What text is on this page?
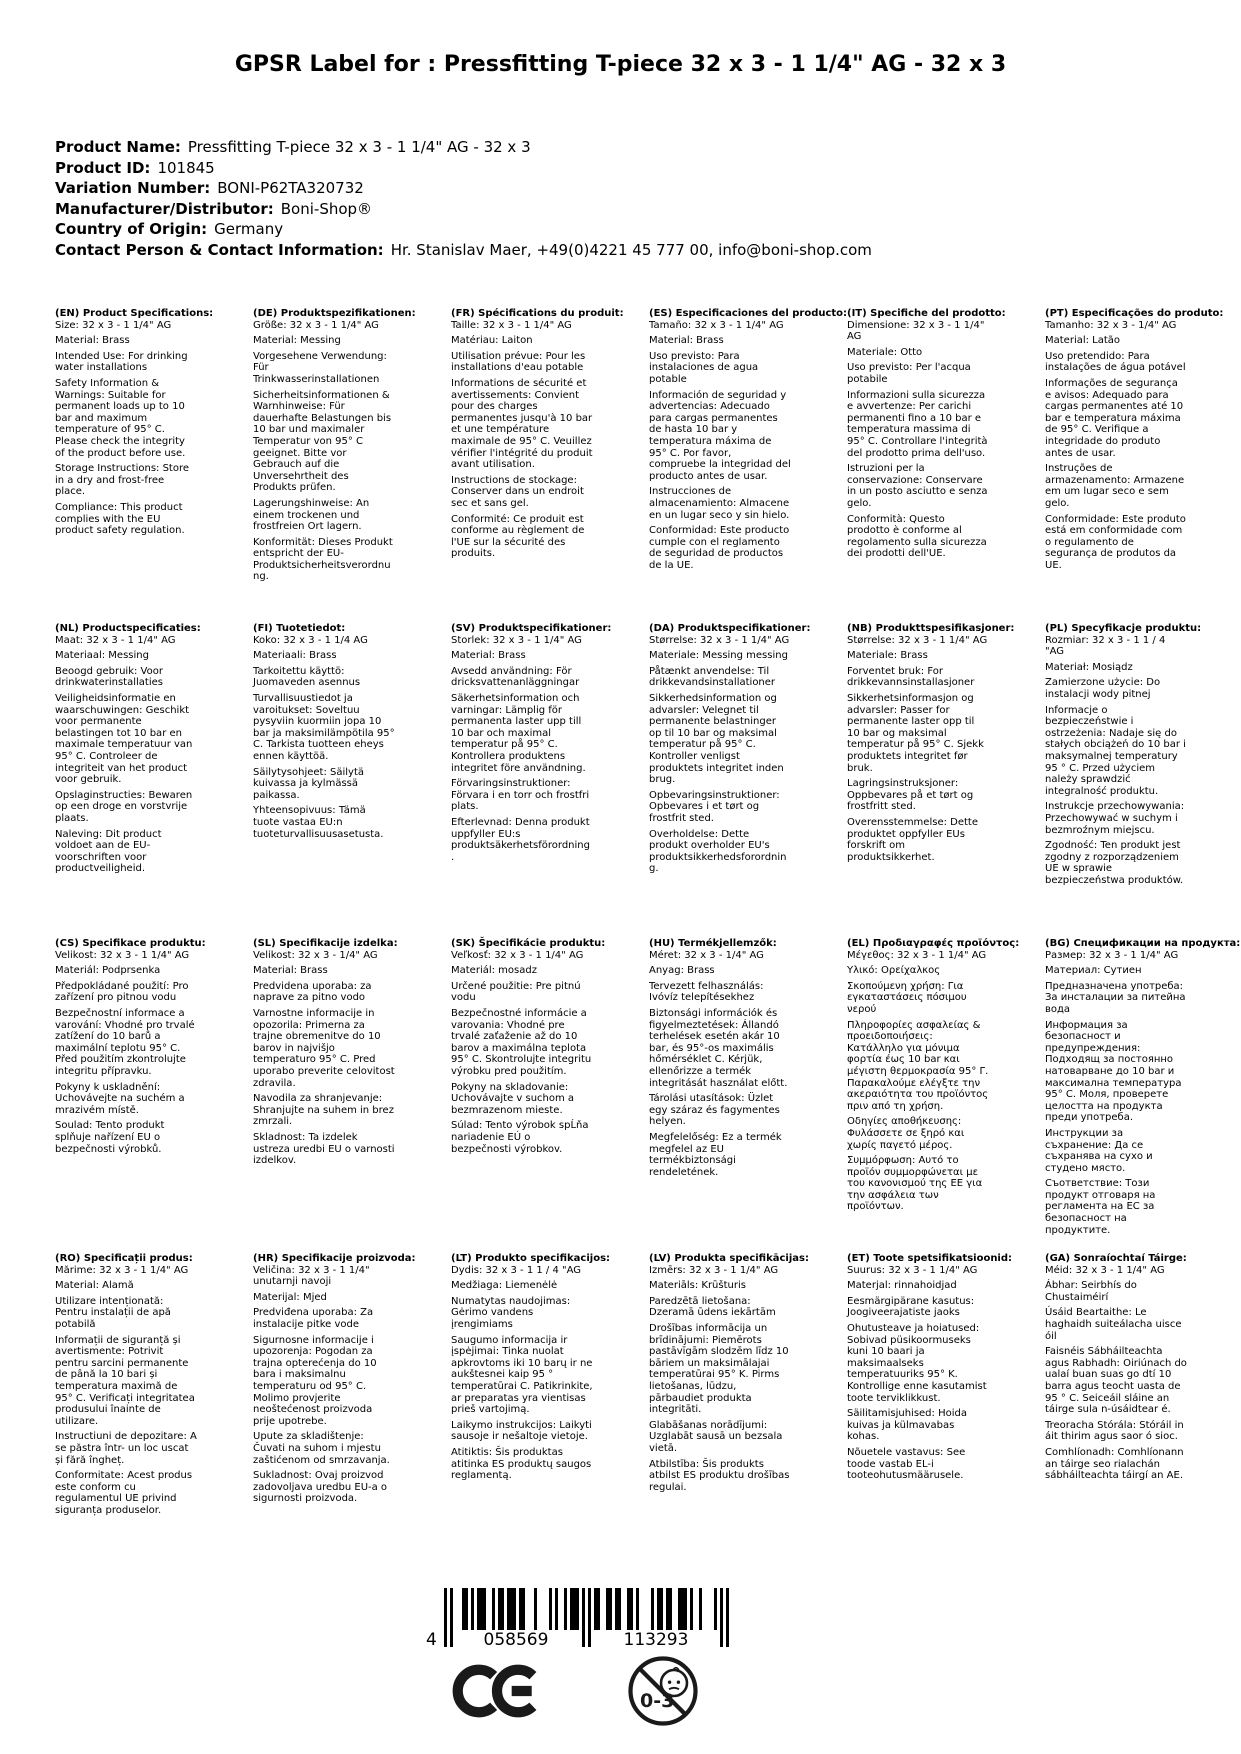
GPSR Label for : Pressfitting T-piece 32 x 3 - 1 1/4" AG - 32 x 3
Product Name: Pressfitting T-piece 32 x 3 - 1 1/4" AG - 32 x 3
Product ID: 101845
Variation Number: BONI-P62TA320732
Manufacturer/Distributor: Boni-Shop®
Country of Origin: Germany
Contact Person & Contact Information: Hr. Stanislav Maer, +49(0)4221 45 777 00, info@boni-shop.com
(EN) Product Specifications:

Size: 32 x 3 - 1 1/4" AG

Material: Brass

Intended Use: For drinking water installations

Safety Information & Warnings: Suitable for permanent loads up to 10 bar and maximum temperature of 95° C. Please check the integrity of the product before use.

Storage Instructions: Store in a dry and frost-free place.

Compliance: This product complies with the EU product safety regulation.

(DE) Produktspezifikationen:

Größe: 32 x 3 - 1 1/4" AG

Material: Messing

Vorgesehene Verwendung: Für Trinkwasserinstallationen

Sicherheitsinformationen & Warnhinweise: Für dauerhafte Belastungen bis 10 bar und maximaler Temperatur von 95° C geeignet. Bitte vor Gebrauch auf die Unversehrtheit des Produkts prüfen.

Lagerungshinweise: An einem trockenen und frostfreien Ort lagern.

Konformität: Dieses Produkt entspricht der EU-Produktsicherheitsverordnung.

(FR) Spécifications du produit:

Taille: 32 x 3 - 1 1/4" AG

Matériau: Laiton

Utilisation prévue: Pour les installations d'eau potable

Informations de sécurité et avertissements: Convient pour des charges permanentes jusqu'à 10 bar et une température maximale de 95° C. Veuillez vérifier l'intégrité du produit avant utilisation.

Instructions de stockage: Conserver dans un endroit sec et sans gel.

Conformité: Ce produit est conforme au règlement de l'UE sur la sécurité des produits.

(ES) Especificaciones del producto:

Tamaño: 32 x 3 - 1 1/4" AG

Material: Brass

Uso previsto: Para instalaciones de agua potable

Información de seguridad y advertencias: Adecuado para cargas permanentes de hasta 10 bar y temperatura máxima de 95° C. Por favor, compruebe la integridad del producto antes de usar.

Instrucciones de almacenamiento: Almacene en un lugar seco y sin hielo.

Conformidad: Este producto cumple con el reglamento de seguridad de productos de la UE.

(IT) Specifiche del prodotto:

Dimensione: 32 x 3 - 1 1/4" AG

Materiale: Otto

Uso previsto: Per l'acqua potabile

Informazioni sulla sicurezza e avvertenze: Per carichi permanenti fino a 10 bar e temperatura massima di 95° C. Controllare l'integrità del prodotto prima dell'uso.

Istruzioni per la conservazione: Conservare in un posto asciutto e senza gelo.

Conformità: Questo prodotto è conforme al regolamento sulla sicurezza dei prodotti dell'UE.

(PT) Especificações do produto:

Tamanho: 32 x 3 - 1/4" AG

Material: Latão

Uso pretendido: Para instalações de água potável

Informações de segurança e avisos: Adequado para cargas permanentes até 10 bar e temperatura máxima de 95° C. Verifique a integridade do produto antes de usar.

Instruções de armazenamento: Armazene em um lugar seco e sem gelo.

Conformidade: Este produto está em conformidade com o regulamento de segurança de produtos da UE.

(NL) Productspecificaties:

Maat: 32 x 3 - 1 1/4" AG

Materiaal: Messing

Beoogd gebruik: Voor drinkwaterinstallaties

Veiligheidsinformatie en waarschuwingen: Geschikt voor permanente belastingen tot 10 bar en maximale temperatuur van 95° C. Controleer de integriteit van het product voor gebruik.

Opslaginstructies: Bewaren op een droge en vorstvrije plaats.

Naleving: Dit product voldoet aan de EU-voorschriften voor productveiligheid.

(FI) Tuotetiedot:

Koko: 32 x 3 - 1 1/4 AG

Materiaali: Brass

Tarkoitettu käyttö: Juomaveden asennus

Turvallisuustiedot ja varoitukset: Soveltuu pysyviin kuormiin jopa 10 bar ja maksimilämpötila 95° C. Tarkista tuotteen eheys ennen käyttöä.

Säilytysohjeet: Säilytä kuivassa ja kylmässä paikassa.

Yhteensopivuus: Tämä tuote vastaa EU:n tuoteturvallisuusasetusta.

(SV) Produktspecifikationer:

Storlek: 32 x 3 - 1 1/4" AG

Material: Brass

Avsedd användning: För dricksvattenanläggningar

Säkerhetsinformation och varningar: Lämplig för permanenta laster upp till 10 bar och maximal temperatur på 95° C. Kontrollera produktens integritet före användning.

Förvaringsinstruktioner: Förvara i en torr och frostfri plats.

Efterlevnad: Denna produkt uppfyller EU:s produktsäkerhetsförordning.

(DA) Produktspecifikationer:

Størrelse: 32 x 3 - 1 1/4" AG

Materiale: Messing messing

Påtænkt anvendelse: Til drikkevandsinstallationer

Sikkerhedsinformation og advarsler: Velegnet til permanente belastninger op til 10 bar og maksimal temperatur på 95° C. Kontroller venligst produktets integritet inden brug.

Opbevaringsinstruktioner: Opbevares i et tørt og frostfrit sted.

Overholdelse: Dette produkt overholder EU's produktsikkerhedsforordning.

(NB) Produkttspesifikasjoner:

Størrelse: 32 x 3 - 1 1/4" AG

Materiale: Brass

Forventet bruk: For drikkevannsinstallasjoner

Sikkerhetsinformasjon og advarsler: Passer for permanente laster opp til 10 bar og maksimal temperatur på 95° C. Sjekk produktets integritet før bruk.

Lagringsinstruksjoner: Oppbevares på et tørt og frostfritt sted.

Overensstemmelse: Dette produktet oppfyller EUs forskrift om produktsikkerhet.

(PL) Specyfikacje produktu:

Rozmiar: 32 x 3 - 1 1 / 4 "AG

Materiał: Mosiądz

Zamierzone użycie: Do instalacji wody pitnej

Informacje o bezpieczeństwie i ostrzeżenia: Nadaje się do stałych obciążeń do 10 bar i maksymalnej temperatury 95 ° C. Przed użyciem należy sprawdzić integralność produktu.

Instrukcje przechowywania: Przechowywać w suchym i bezmroźnym miejscu.

Zgodność: Ten produkt jest zgodny z rozporządzeniem UE w sprawie bezpieczeństwa produktów.

(CS) Specifikace produktu:

Velikost: 32 x 3 - 1 1/4" AG

Materiál: Podprsenka

Předpokládané použití: Pro zařízení pro pitnou vodu

Bezpečnostní informace a varování: Vhodné pro trvalé zatížení do 10 barů a maximální teplotu 95° C. Před použitím zkontrolujte integritu přípravku.

Pokyny k uskladnění: Uchovávejte na suchém a mrazivém místě.

Soulad: Tento produkt splňuje nařízení EU o bezpečnosti výrobků.

(SL) Specifikacije izdelka:

Velikost: 32 x 3 - 1/4" AG

Material: Brass

Predvidena uporaba: za naprave za pitno vodo

Varnostne informacije in opozorila: Primerna za trajne obremenitve do 10 barov in najvišjo temperaturo 95° C. Pred uporabo preverite celovitost zdravila.

Navodila za shranjevanje: Shranjujte na suhem in brez zmrzali.

Skladnost: Ta izdelek ustreza uredbi EU o varnosti izdelkov.

(SK) Špecifikácie produktu:

Veľkosť: 32 x 3 - 1 1/4" AG

Materiál: mosadz

Určené použitie: Pre pitnú vodu

Bezpečnostné informácie a varovania: Vhodné pre trvalé zaťaženie až do 10 barov a maximálna teplota 95° C. Skontrolujte integritu výrobku pred použitím.

Pokyny na skladovanie: Uchovávajte v suchom a bezmrazenom mieste.

Súlad: Tento výrobok spĹňa nariadenie EÚ o bezpečnosti výrobkov.

(HU) Termékjellemzők:

Méret: 32 x 3 - 1/4" AG

Anyag: Brass

Tervezett felhasználás: Ivóvíz telepítésekhez

Biztonsági információk és figyelmeztetések: Állandó terhelések esetén akár 10 bar, és 95°-os maximális hőmérséklet C. Kérjük, ellenőrizze a termék integritását használat előtt.

Tárolási utasítások: Üzlet egy száraz és fagymentes helyen.

Megfelelőség: Ez a termék megfelel az EU termékbiztonsági rendeletének.

(EL) Προδιαγραφές προϊόντος:

Μέγεθος: 32 x 3 - 1 1/4" AG

Υλικό: Ορείχαλκος

Σκοπούμενη χρήση: Για εγκαταστάσεις πόσιμου νερού

Πληροφορίες ασφαλείας & προειδοποιήσεις: Κατάλληλο για μόνιμα φορτία έως 10 bar και μέγιστη θερμοκρασία 95° Γ. Παρακαλούμε ελέγξτε την ακεραιότητα του προϊόντος πριν από τη χρήση.

Οδηγίες αποθήκευσης: Φυλάσσετε σε ξηρό και χωρίς παγετό μέρος.

Συμμόρφωση: Αυτό το προϊόν συμμορφώνεται με του κανονισμού της ΕΕ για την ασφάλεια των προϊόντων.

(BG) Спецификации на продукта:

Размер: 32 x 3 - 1 1/4" AG

Материал: Сутиен

Предназначена употреба: За инсталации за питейна вода

Информация за безопасност и предупреждения: Подходящ за постоянно натоварване до 10 bar и максимална температура 95° C. Моля, проверете целостта на продукта преди употреба.

Инструкции за съхранение: Да се съхранява на сухо и студено място.

Съответствие: Този продукт отговаря на регламента на ЕС за безопасност на продуктите.

(RO) Specificații produs:

Mărime: 32 x 3 - 1 1/4" AG

Material: Alamă

Utilizare intenționată: Pentru instalații de apă potabilă

Informații de siguranță și avertismente: Potrivit pentru sarcini permanente de până la 10 bari și temperatura maximă de 95° C. Verificați integritatea produsului înainte de utilizare.

Instructiuni de depozitare: A se păstra într- un loc uscat și fără îngheț.

Conformitate: Acest produs este conform cu regulamentul UE privind siguranța produselor.

(HR) Specifikacije proizvoda:

Veličina: 32 x 3 - 1 1/4" unutarnji navoji

Materijal: Mjed

Predviđena uporaba: Za instalacije pitke vode

Sigurnosne informacije i upozorenja: Pogodan za trajna opterećenja do 10 bara i maksimalnu temperaturu od 95° C. Molimo provjerite neoštećenost proizvoda prije upotrebe.

Upute za skladištenje: Čuvati na suhom i mjestu zaštićenom od smrzavanja.

Sukladnost: Ovaj proizvod zadovoljava uredbu EU-a o sigurnosti proizvoda.

(LT) Produkto specifikacijos:

Dydis: 32 x 3 - 1 1 / 4 "AG

Medžiaga: Liemenėlė

Numatytas naudojimas: Gėrimo vandens įrengimiams

Saugumo informacija ir įspėjimai: Tinka nuolat apkrovtoms iki 10 barų ir ne aukštesnei kaip 95 ° temperatūrai C. Patikrinkite, ar preparatas yra vientisas prieš vartojimą.

Laikymo instrukcijos: Laikyti sausoje ir nešaltoje vietoje.

Atitiktis: Šis produktas atitinka ES produktų saugos reglamentą.

(LV) Produkta specifikācijas:

Izmērs: 32 x 3 - 1 1/4" AG

Materiāls: Krūšturis

Paredzētā lietošana: Dzeramā ūdens iekārtām

Drošības informācija un brīdinājumi: Piemērots pastāvīgām slodzēm līdz 10 bāriem un maksimālajai temperatūrai 95° K. Pirms lietošanas, lūdzu, pārbaudiet produkta integritāti.

Glabāšanas norādījumi: Uzglabāt sausā un bezsala vietā.

Atbilstība: Šis produkts atbilst ES produktu drošības regulai.

(ET) Toote spetsifikatsioonid:

Suurus: 32 x 3 - 1 1/4" AG

Materjal: rinnahoidjad

Eesmärgipärane kasutus: Joogiveerajatiste jaoks

Ohutusteave ja hoiatused: Sobivad püsikoormuseks kuni 10 baari ja maksimaalseks temperatuuriks 95° K. Kontrollige enne kasutamist toote terviklikkust.

Säilitamisjuhised: Hoida kuivas ja külmavabas kohas.

Nõuetele vastavus: See toode vastab EL-i tooteohutusmäärusele.

(GA) Sonraíochtaí Táirge:

Méid: 32 x 3 - 1 1/4" AG

Ábhar: Seirbhís do Chustaiméirí

Úsáid Beartaithe: Le haghaidh suiteálacha uisce óil

Faisnéis Sábháilteachta agus Rabhadh: Oiriúnach do ualaí buan suas go dtí 10 barra agus teocht uasta de 95 ° C. Seiceáil sláine an táirge sula n-úsáidtear é.

Treoracha Stórála: Stóráil in áit thirim agus saor ó sioc.

Comhlíonadh: Comhlíonann an táirge seo rialachán sábháilteachta táirgí an AE.

4	058569	113293
0-3
